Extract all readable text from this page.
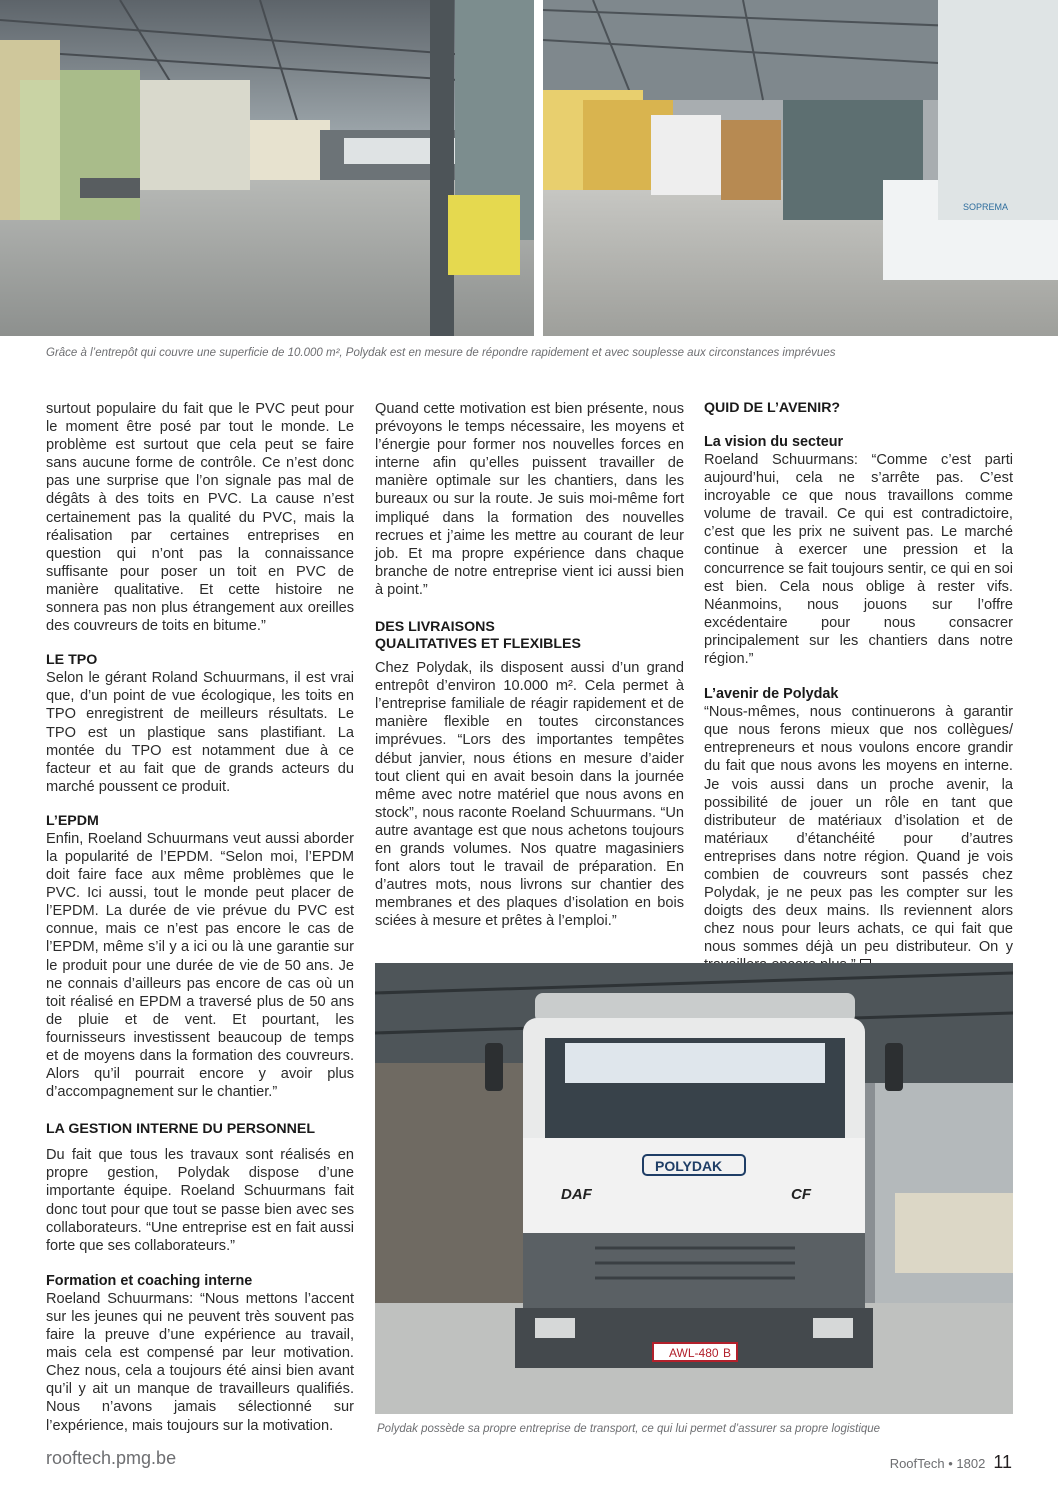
SOPREMA
Grâce à l’entrepôt qui couvre une superficie de 10.000 m², Polydak est en mesure de répondre rapidement et avec souplesse aux circonstances imprévues

surtout populaire du fait que le PVC peut pour le moment être posé par tout le monde. Le problème est surtout que cela peut se faire sans aucune forme de contrôle. Ce n’est donc pas une surprise que l’on signale pas mal de dégâts à des toits en PVC. La cause n’est certainement pas la qualité du PVC, mais la réalisation par certaines entreprises en question qui n’ont pas la connaissance suffisante pour poser un toit en PVC de manière qualitative. Et cette histoire ne sonnera pas non plus étrangement aux oreilles des couvreurs de toits en bitume.”

LE TPO

Selon le gérant Roland Schuurmans, il est vrai que, d’un point de vue écologique, les toits en TPO enregistrent de meilleurs résultats. Le TPO est un plastique sans plastifiant. La montée du TPO est notamment due à ce facteur et au fait que de grands acteurs du marché poussent ce produit.

L’EPDM

Enfin, Roeland Schuurmans veut aussi aborder la popularité de l’EPDM. “Selon moi, l’EPDM doit faire face aux même problèmes que le PVC. Ici aussi, tout le monde peut placer de l’EPDM. La durée de vie prévue du PVC est connue, mais ce n’est pas encore le cas de l’EPDM, même s’il y a ici ou là une garantie sur le produit pour une durée de vie de 50 ans. Je ne connais d’ailleurs pas encore de cas où un toit réalisé en EPDM a traversé plus de 50 ans de pluie et de vent. Et pourtant, les fournisseurs investissent beaucoup de temps et de moyens dans la formation des couvreurs. Alors qu’il pourrait encore y avoir plus d’accompagnement sur le chantier.”

LA GESTION INTERNE DU PERSONNEL

Du fait que tous les travaux sont réalisés en propre gestion, Polydak dispose d’une importante équipe. Roeland Schuurmans fait donc tout pour que tout se passe bien avec ses collaborateurs. “Une entreprise est en fait aussi forte que ses collaborateurs.”

Formation et coaching interne

Roeland Schuurmans: “Nous mettons l’accent sur les jeunes qui ne peuvent très souvent pas faire la preuve d’une expérience au travail, mais cela est compensé par leur motivation. Chez nous, cela a toujours été ainsi bien avant qu’il y ait un manque de travailleurs qualifiés. Nous n’avons jamais sélectionné sur l’expérience, mais toujours sur la motivation.

Quand cette motivation est bien présente, nous prévoyons le temps nécessaire, les moyens et l’énergie pour former nos nouvelles forces en interne afin qu’elles puissent travailler de manière optimale sur les chantiers, dans les bureaux ou sur la route. Je suis moi-même fort impliqué dans la formation des nouvelles recrues et j’aime les mettre au courant de leur job. Et ma propre expérience dans chaque branche de notre entreprise vient ici aussi bien à point.”

DES LIVRAISONS
QUALITATIVES ET FLEXIBLES

Chez Polydak, ils disposent aussi d’un grand entrepôt d’environ 10.000 m². Cela permet à l’entreprise familiale de réagir rapidement et de manière flexible en toutes circonstances imprévues. “Lors des importantes tempêtes début janvier, nous étions en mesure d’aider tout client qui en avait besoin dans la journée même avec notre matériel que nous avons en stock”, nous raconte Roeland Schuurmans. “Un autre avantage est que nous achetons toujours en grands volumes. Nos quatre magasiniers font alors tout le travail de préparation. En d’autres mots, nous livrons sur chantier des membranes et des plaques d’isolation en bois sciées à mesure et prêtes à l’emploi.”

QUID DE L’AVENIR?
La vision du secteur

Roeland Schuurmans: “Comme c’est parti aujourd’hui, cela ne s’arrête pas. C’est incroyable ce que nous travaillons comme volume de travail. Ce qui est contradictoire, c’est que les prix ne suivent pas. Le marché continue à exercer une pression et la concurrence se fait toujours sentir, ce qui en soi est bien. Cela nous oblige à rester vifs. Néanmoins, nous jouons sur l’offre excédentaire pour nous consacrer principalement sur les chantiers dans notre région.”

L’avenir de Polydak

“Nous-mêmes, nous continuerons à garantir que nous ferons mieux que nos collègues/ entrepreneurs et nous voulons encore grandir du fait que nous avons les moyens en interne. Je vois aussi dans un proche avenir, la possibilité de jouer un rôle en tant que distributeur de matériaux d’isolation et de matériaux d’étanchéité pour d’autres entreprises dans notre région. Quand je vois combien de couvreurs sont passés chez Polydak, je ne peux pas les compter sur les doigts des deux mains. Ils reviennent alors chez nous pour leurs achats, ce qui fait que nous sommes déjà un peu distributeur. On y

POLYDAK
DAF	CF
AWL-480 B
Polydak possède sa propre entreprise de transport, ce qui lui permet d’assurer sa propre logistique
rooftech.pmg.be	RoofTech • 1802 11
